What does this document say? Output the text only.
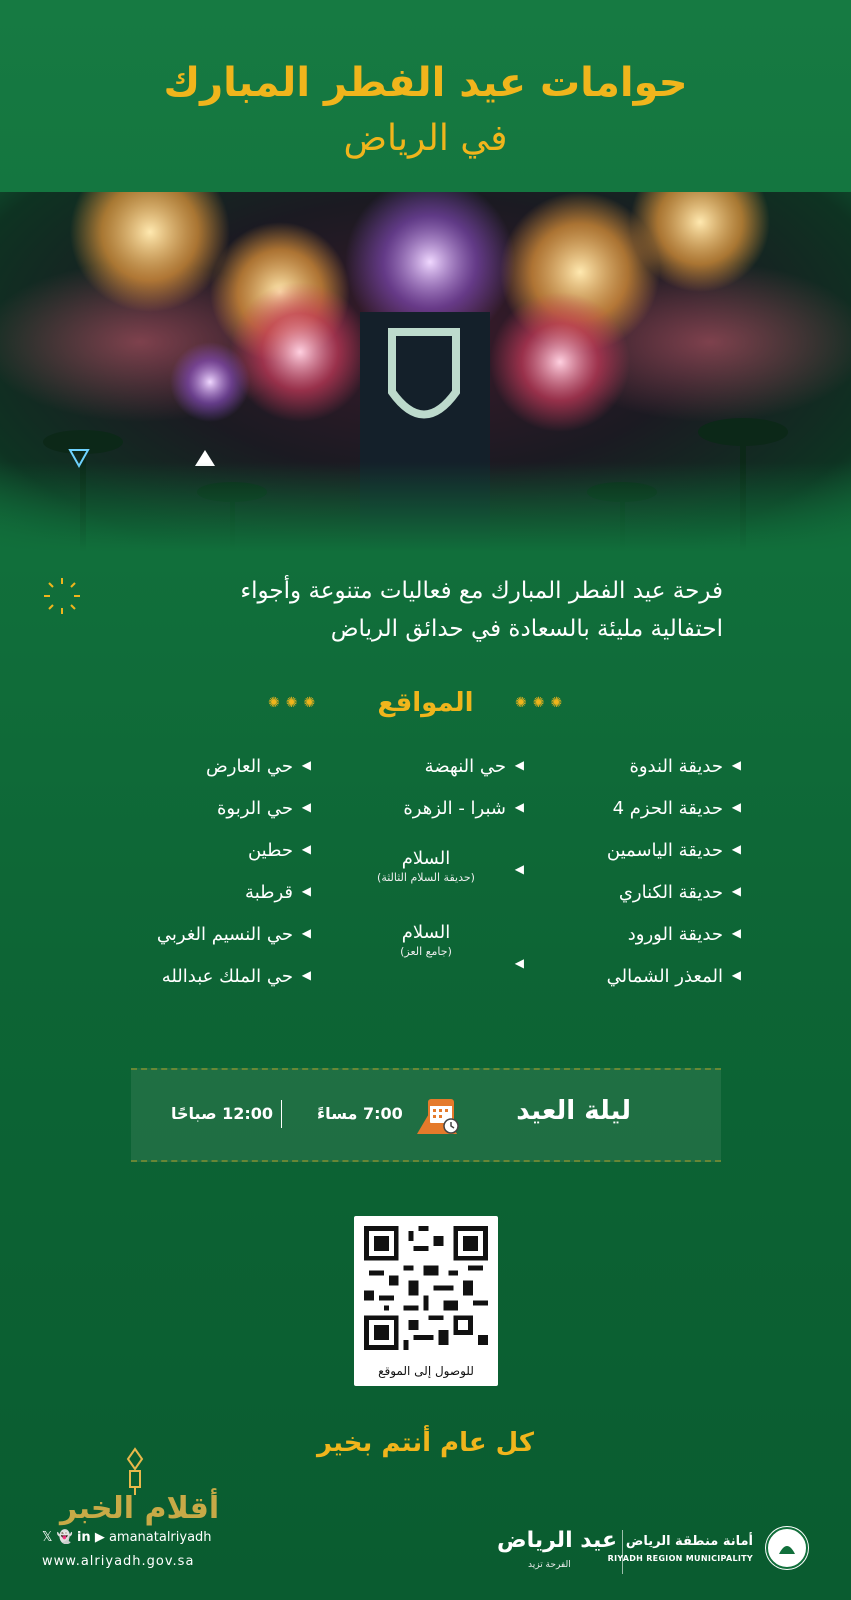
حوامات عيد الفطر المبارك
في الرياض
فرحة عيد الفطر المبارك مع فعاليات متنوعة وأجواء
احتفالية مليئة بالسعادة في حدائق الرياض
✺✺✺	المواقع	✺✺✺
◀
حديقة الندوة
◀
حديقة الحزم 4
◀
حديقة الياسمين
◀
حديقة الكناري
◀
حديقة الورود
◀
المعذر الشمالي
◀
حي النهضة
◀
شبرا - الزهرة
◀
السلام
(حديقة السلام الثالثة)
◀
السلام
(جامع العز)
◀
حي العارض
◀
حي الربوة
◀
حطين
◀
قرطبة
◀
حي النسيم الغربي
◀
حي الملك عبدالله
ليلة العيد
7:00 مساءً
12:00 صباحًا
للوصول إلى الموقع
كل عام أنتم بخير
أقلام الخبر
𝕏 👻 in ▶ amanatalriyadh
www.alriyadh.gov.sa
عيد الرياض
الفرحة تزيد
أمانة منطقة الرياض
RIYADH REGION MUNICIPALITY
